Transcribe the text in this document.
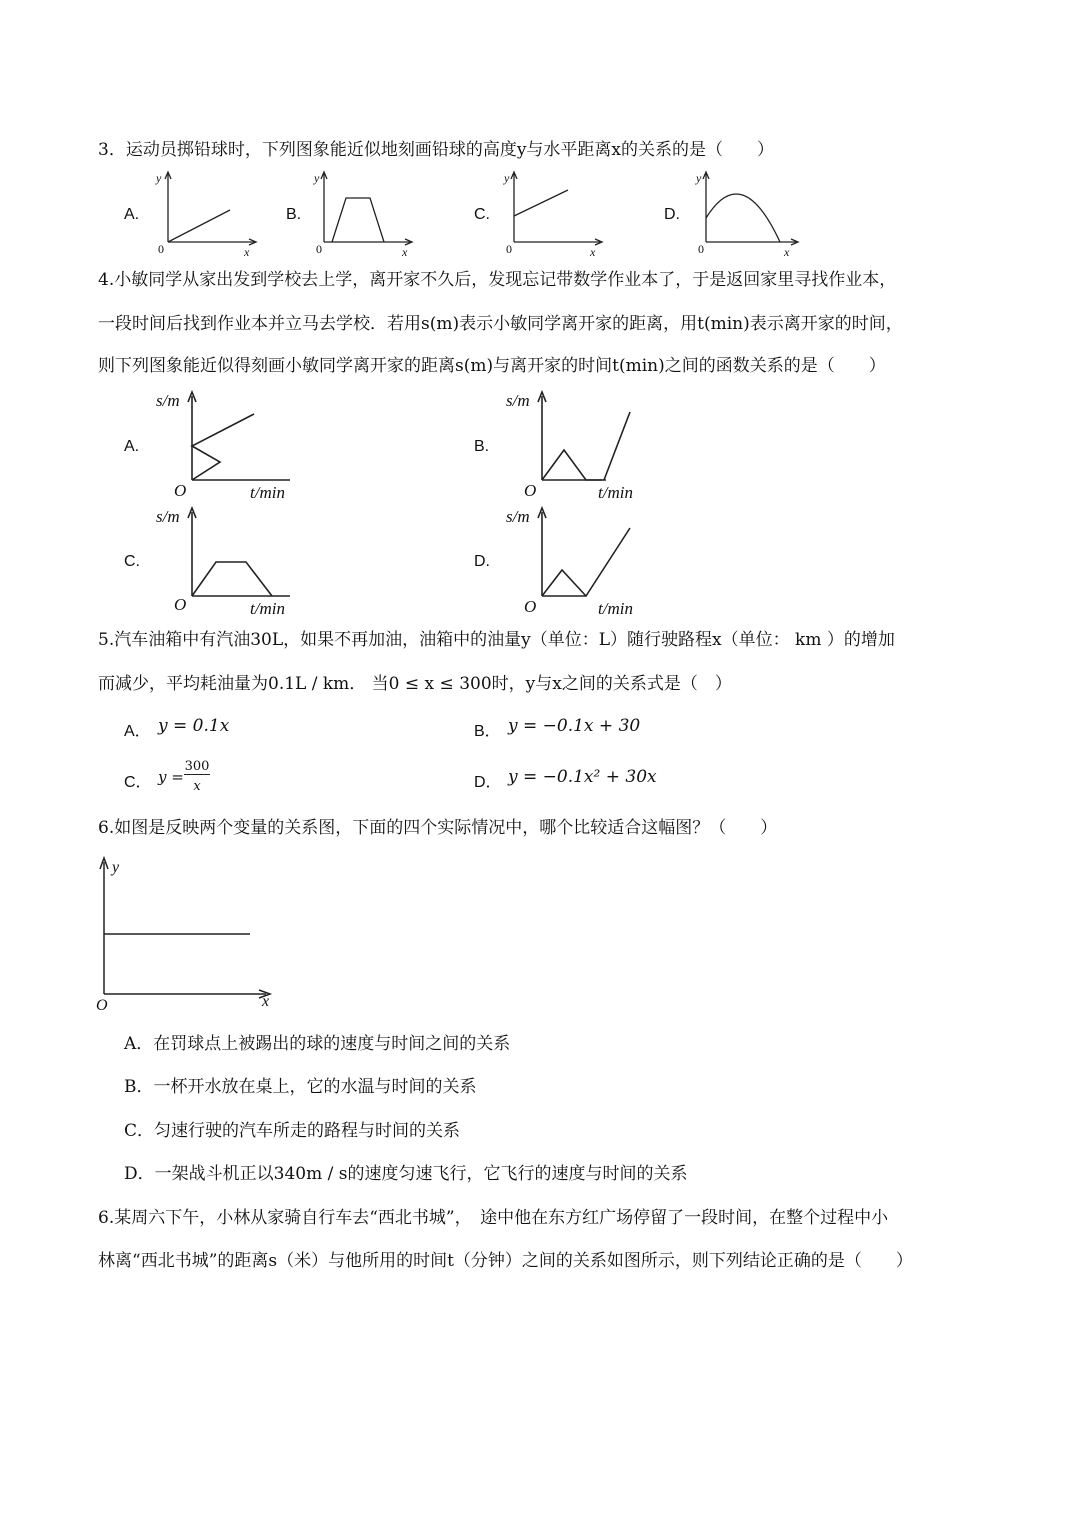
3．运动员掷铅球时，下列图象能近似地刻画铅球的高度y与水平距离x的关系的是（　　）
A.
y
x
0
B.
y
x
0
C.
y
x
0
D.
y
x
0
4.小敏同学从家出发到学校去上学，离开家不久后，发现忘记带数学作业本了，于是返回家里寻找作业本，
一段时间后找到作业本并立马去学校．若用s(m)表示小敏同学离开家的距离，用t(min)表示离开家的时间，
则下列图象能近似得刻画小敏同学离开家的距离s(m)与离开家的时间t(min)之间的函数关系的是（　　）
A.
s/m
t/min
O
B.
s/m
t/min
O
C.
s/m
t/min
O
D.
s/m
t/min
O
5.汽车油箱中有汽油30L，如果不再加油，油箱中的油量y（单位：L）随行驶路程x（单位： km ）的增加
而减少，平均耗油量为0.1L / km． 当0 ≤ x ≤ 300时，y与x之间的关系式是（　）
A． y = 0.1x	B． y = −0.1x + 30
C． y =
300
x	D． y = −0.1x² + 30x
6.如图是反映两个变量的关系图，下面的四个实际情况中，哪个比较适合这幅图？（　　）
y
x
O
A．在罚球点上被踢出的球的速度与时间之间的关系
B．一杯开水放在桌上，它的水温与时间的关系
C．匀速行驶的汽车所走的路程与时间的关系
D．一架战斗机正以340m / s的速度匀速飞行，它飞行的速度与时间的关系
6.某周六下午，小林从家骑自行车去“西北书城”，　途中他在东方红广场停留了一段时间，在整个过程中小
林离“西北书城”的距离s（米）与他所用的时间t（分钟）之间的关系如图所示，则下列结论正确的是（　　）
